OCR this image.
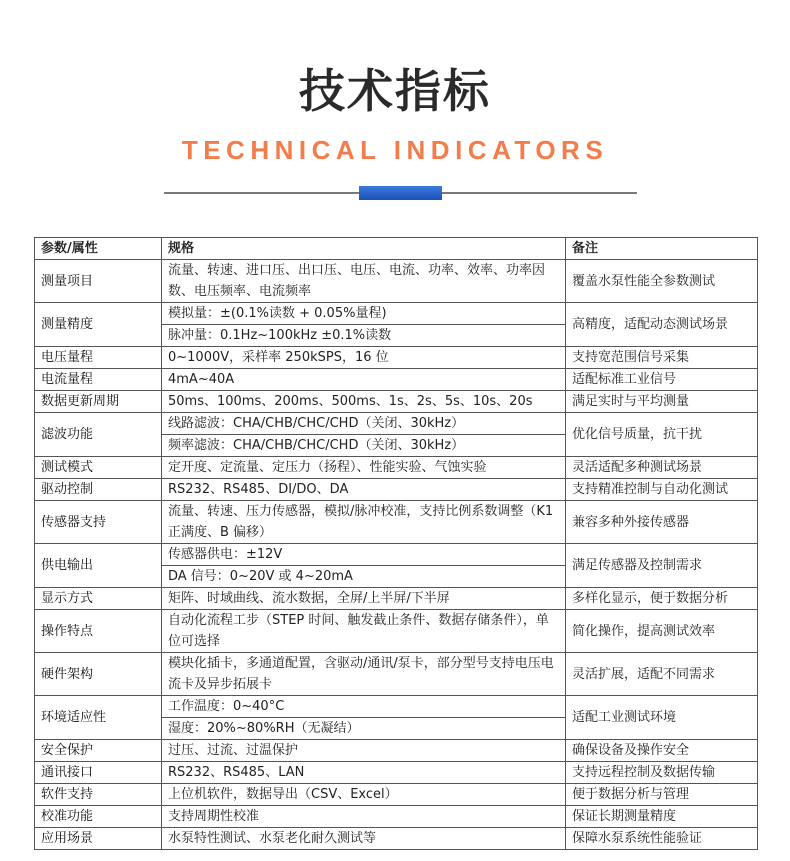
技术指标
TECHNICAL INDICATORS
参数/属性	规格	备注
测量项目	流量、转速、进口压、出口压、电压、电流、功率、效率、功率因数、电压频率、电流频率	覆盖水泵性能全参数测试
测量精度	模拟量：±(0.1%读数 + 0.05%量程)	高精度，适配动态测试场景
	脉冲量：0.1Hz~100kHz ±0.1%读数	
电压量程	0~1000V，采样率 250kSPS，16 位	支持宽范围信号采集
电流量程	4mA~40A	适配标准工业信号
数据更新周期	50ms、100ms、200ms、500ms、1s、2s、5s、10s、20s	满足实时与平均测量
滤波功能	线路滤波：CHA/CHB/CHC/CHD（关闭、30kHz）	优化信号质量，抗干扰
	频率滤波：CHA/CHB/CHC/CHD（关闭、30kHz）	
测试模式	定开度、定流量、定压力（扬程）、性能实验、气蚀实验	灵活适配多种测试场景
驱动控制	RS232、RS485、DI/DO、DA	支持精准控制与自动化测试
传感器支持	流量、转速、压力传感器，模拟/脉冲校准，支持比例系数调整（K1正满度、B 偏移）	兼容多种外接传感器
供电输出	传感器供电：±12V	满足传感器及控制需求
	DA 信号：0~20V 或 4~20mA	
显示方式	矩阵、时域曲线、流水数据，全屏/上半屏/下半屏	多样化显示，便于数据分析
操作特点	自动化流程工步（STEP 时间、触发截止条件、数据存储条件），单位可选择	简化操作，提高测试效率
硬件架构	模块化插卡，多通道配置，含驱动/通讯/泵卡，部分型号支持电压电流卡及异步拓展卡	灵活扩展，适配不同需求
环境适应性	工作温度：0~40°C	适配工业测试环境
	湿度：20%~80%RH（无凝结）	
安全保护	过压、过流、过温保护	确保设备及操作安全
通讯接口	RS232、RS485、LAN	支持远程控制及数据传输
软件支持	上位机软件，数据导出（CSV、Excel）	便于数据分析与管理
校准功能	支持周期性校准	保证长期测量精度
应用场景	水泵特性测试、水泵老化耐久测试等	保障水泵系统性能验证
